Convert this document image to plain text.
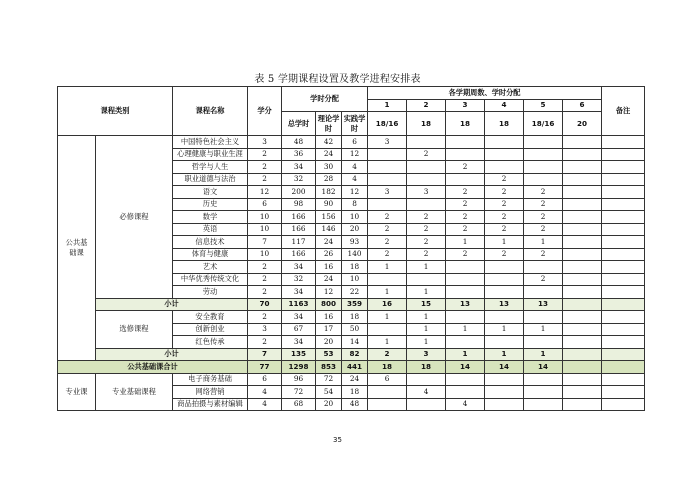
表 5 学期课程设置及教学进程安排表
课程类别		课程名称	学分	学时分配			各学期周数、学时分配						备注
							1	2	3	4	5	6	
				总学时	理论学时	实践学时	18/16	18	18	18	18/16	20	
公共基础课	必修课程	中国特色社会主义	3	48	42	6	3						
		心理健康与职业生涯	2	36	24	12		2					
		哲学与人生	2	34	30	4			2				
		职业道德与法治	2	32	28	4				2			
		语文	12	200	182	12	3	3	2	2	2		
		历史	6	98	90	8			2	2	2		
		数学	10	166	156	10	2	2	2	2	2		
		英语	10	166	146	20	2	2	2	2	2		
		信息技术	7	117	24	93	2	2	1	1	1		
		体育与健康	10	166	26	140	2	2	2	2	2		
		艺术	2	34	16	18	1	1					
		中华优秀传统文化	2	32	24	10					2		
		劳动	2	34	12	22	1	1					
	小计		70	1163	800	359	16	15	13	13	13		
	选修课程	安全教育	2	34	16	18	1	1					
		创新创业	3	67	17	50		1	1	1	1		
		红色传承	2	34	20	14	1	1					
	小计		7	135	53	82	2	3	1	1	1		
公共基础课合计			77	1298	853	441	18	18	14	14	14		
专业课	专业基础课程	电子商务基础	6	96	72	24	6						
		网络营销	4	72	54	18		4					
		商品拍摄与素材编辑	4	68	20	48			4				
35
